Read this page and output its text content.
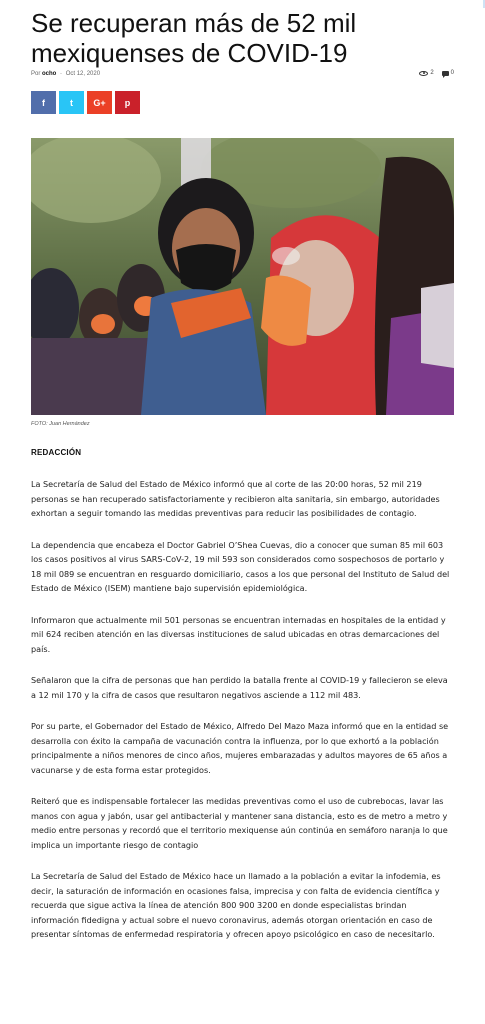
Se recuperan más de 52 mil mexiquenses de COVID-19
Por ocho - Oct 12, 2020	2	0
f	t G+ p
FOTO: Juan Hernández
REDACCIÓN

La Secretaría de Salud del Estado de México informó que al corte de las 20:00 horas, 52 mil 219 personas se han recuperado satisfactoriamente y recibieron alta sanitaria, sin embargo, autoridades exhortan a seguir tomando las medidas preventivas para reducir las posibilidades de contagio.

La dependencia que encabeza el Doctor Gabriel O’Shea Cuevas, dio a conocer que suman 85 mil 603 los casos positivos al virus SARS-CoV-2, 19 mil 593 son considerados como sospechosos de portarlo y 18 mil 089 se encuentran en resguardo domiciliario, casos a los que personal del Instituto de Salud del Estado de México (ISEM) mantiene bajo supervisión epidemiológica.

Informaron que actualmente mil 501 personas se encuentran internadas en hospitales de la entidad y mil 624 reciben atención en las diversas instituciones de salud ubicadas en otras demarcaciones del país.

Señalaron que la cifra de personas que han perdido la batalla frente al COVID-19 y fallecieron se eleva a 12 mil 170 y la cifra de casos que resultaron negativos asciende a 112 mil 483.

Por su parte, el Gobernador del Estado de México, Alfredo Del Mazo Maza informó que en la entidad se desarrolla con éxito la campaña de vacunación contra la influenza, por lo que exhortó a la población principalmente a niños menores de cinco años, mujeres embarazadas y adultos mayores de 65 años a vacunarse y de esta forma estar protegidos.

Reiteró que es indispensable fortalecer las medidas preventivas como el uso de cubrebocas, lavar las manos con agua y jabón, usar gel antibacterial y mantener sana distancia, esto es de metro a metro y medio entre personas y recordó que el territorio mexiquense aún continúa en semáforo naranja lo que implica un importante riesgo de contagio

La Secretaría de Salud del Estado de México hace un llamado a la población a evitar la infodemia, es decir, la saturación de información en ocasiones falsa, imprecisa y con falta de evidencia científica y recuerda que sigue activa la línea de atención 800 900 3200 en donde especialistas brindan información fidedigna y actual sobre el nuevo coronavirus, además otorgan orientación en caso de presentar síntomas de enfermedad respiratoria y ofrecen apoyo psicológico en caso de necesitarlo.
